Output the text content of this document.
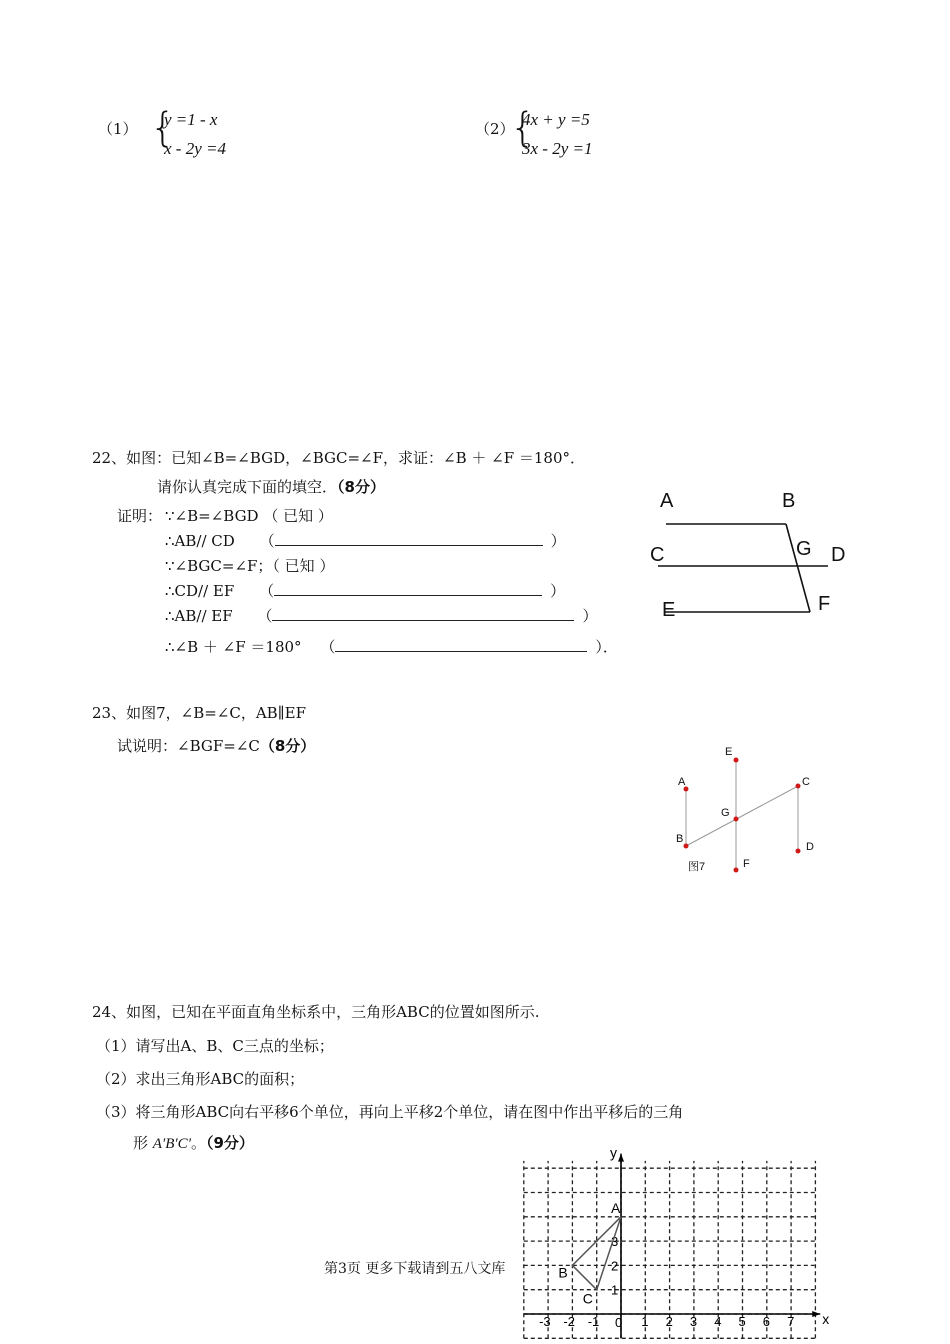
（1） {
y =1 - x
x - 2y =4
（2）
{
4x + y =5
3x - 2y =1
22、如图：已知∠B=∠BGD，∠BGC=∠F，求证：∠B ＋ ∠F ＝180°．
请你认真完成下面的填空．（8分）
证明： ∵∠B=∠BGD （ 已知 ）
∴AB// CD （	）
∵∠BGC=∠F；（ 已知 ）
∴CD// EF （	）
∴AB// EF （	）
∴∠B ＋ ∠F ＝180° （	）．
A	B
C	G D
E	F
23、如图7，∠B=∠C，AB∥EF
试说明：∠BGF=∠C（8分）
A
B
C
D
E
G
F
图7
24、如图，已知在平面直角坐标系中，三角形ABC的位置如图所示.
（1）请写出A、B、C三点的坐标；
（2）求出三角形ABC的面积；
（3）将三角形ABC向右平移6个单位，再向上平移2个单位，请在图中作出平移后的三角
形 A′B′C′。（9分）
x
y
-3 -2 -1	1 2 3 4 5 6 7
0
1
2
3
A
B
C
第3页 更多下载请到五八文库
